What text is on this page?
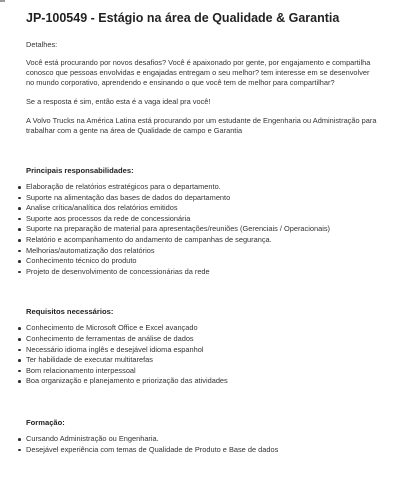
JP-100549 - Estágio na área de Qualidade & Garantia

Detalhes:

Você está procurando por novos desafios? Você é apaixonado por gente, por engajamento e compartilha
conosco que pessoas envolvidas e engajadas entregam o seu melhor? tem interesse em se desenvolver
no mundo corporativo, aprendendo e ensinando o que você tem de melhor para compartilhar?

Se a resposta é sim, então esta é a vaga ideal pra você!

A Volvo Trucks na América Latina está procurando por um estudante de Engenharia ou Administração para
trabalhar com a gente na área de Qualidade de campo e Garantia

Principais responsabilidades:
Elaboração de relatórios estratégicos para o departamento.
Suporte na alimentação das bases de dados do departamento
Analise crítica/analítica dos relatórios emitidos
Suporte aos processos da rede de concessionária
Suporte na preparação de material para apresentações/reuniões (Gerenciais / Operacionais)
Relatório e acompanhamento do andamento de campanhas de segurança.
Melhorias/automatização dos relatórios
Conhecimento técnico do produto
Projeto de desenvolvimento de concessionárias da rede
Requisitos necessários:
Conhecimento de Microsoft Office e Excel avançado
Conhecimento de ferramentas de análise de dados
Necessário idioma inglês e desejável idioma espanhol
Ter habilidade de executar multitarefas
Bom relacionamento interpessoal
Boa organização e planejamento e priorização das atividades
Formação:
Cursando Administração ou Engenharia.
Desejável experiência com temas de Qualidade de Produto e Base de dados
